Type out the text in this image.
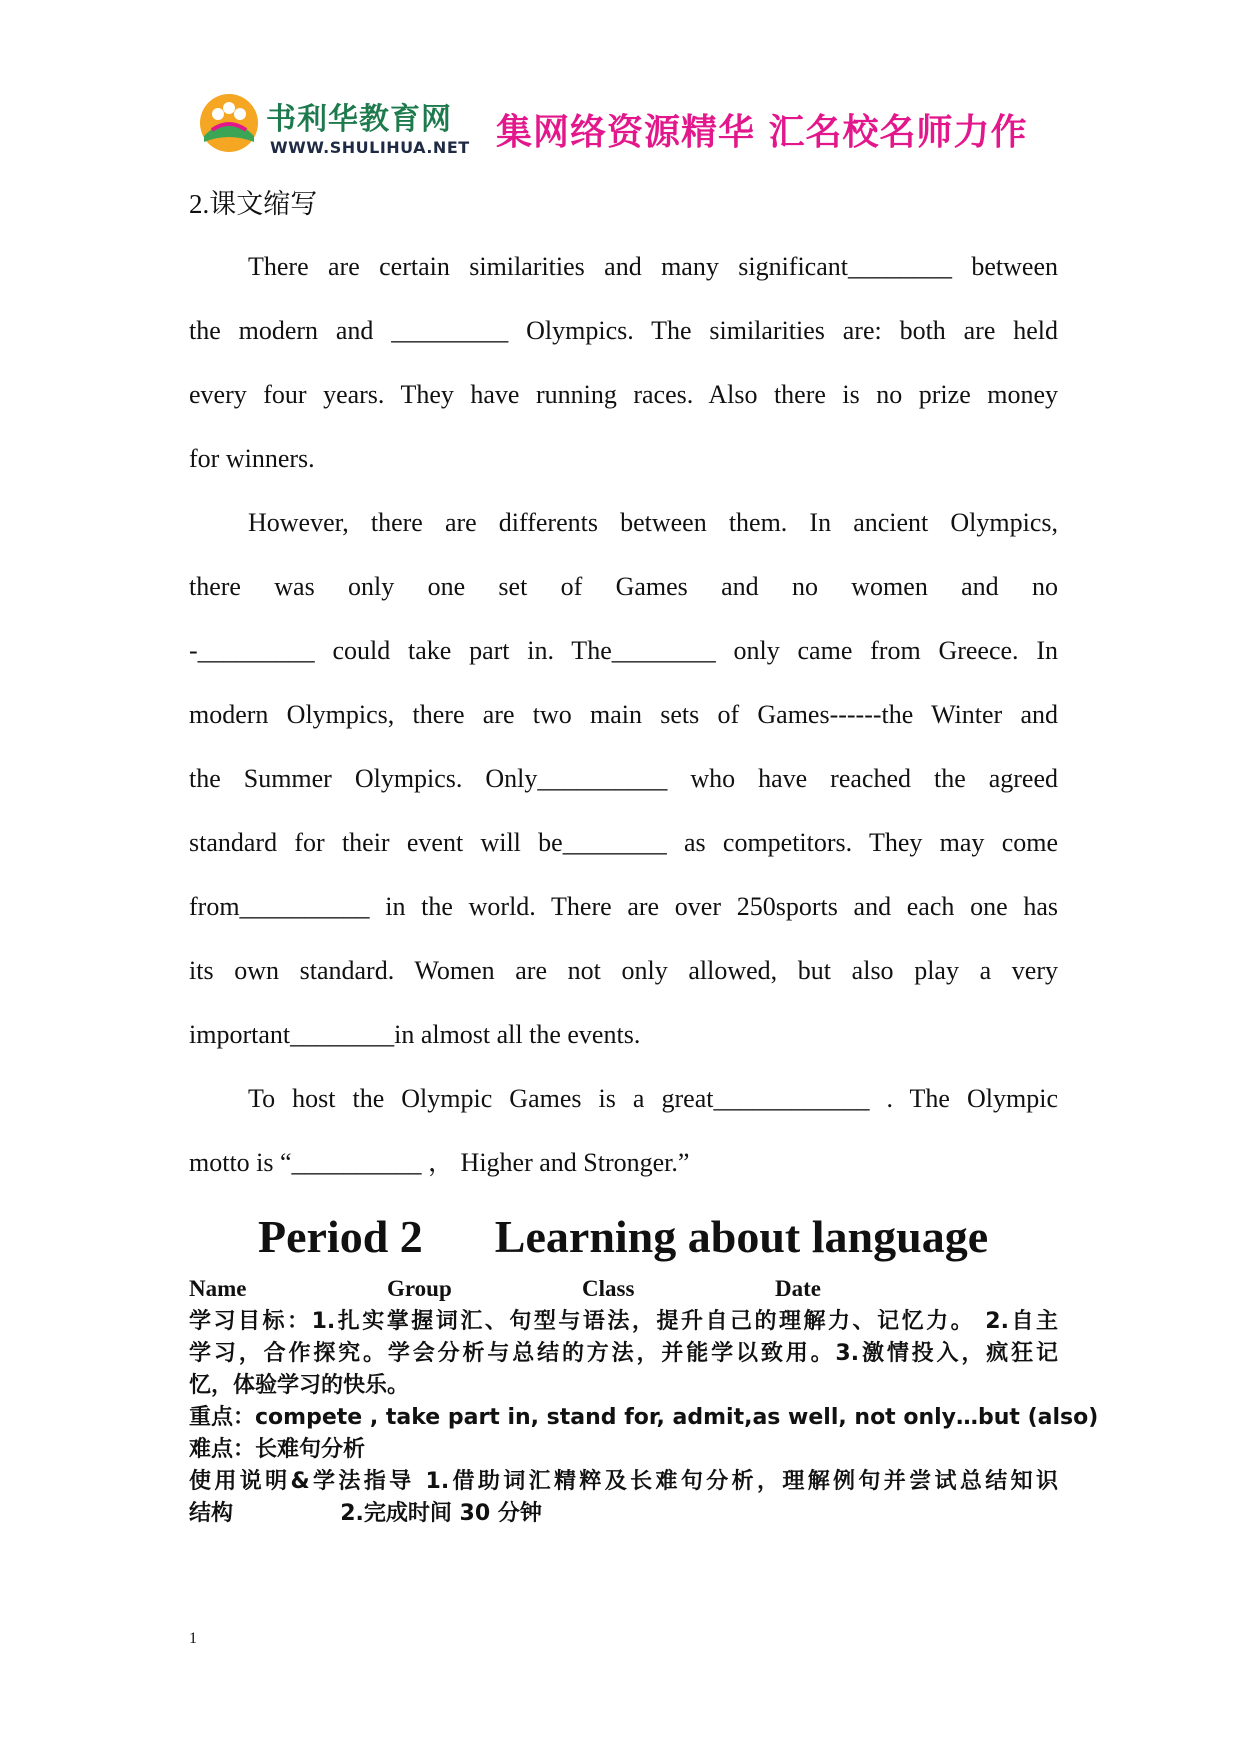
书利华教育网
WWW.SHULIHUA.NET 集网络资源精华 汇名校名师力作
2.课文缩写
There are certain similarities and many significant________ between
the modern and _________ Olympics. The similarities are: both are held
every four years. They have running races. Also there is no prize money
for winners.
However, there are differents between them. In ancient Olympics,
there was only one set of Games and no women and no
-_________ could take part in. The________ only came from Greece. In
modern Olympics, there are two main sets of Games------the Winter and
the Summer Olympics. Only__________ who have reached the agreed
standard for their event will be________ as competitors. They may come
from__________ in the world. There are over 250sports and each one has
its own standard. Women are not only allowed, but also play a very
important________in almost all the events.
To host the Olympic Games is a great____________ . The Olympic
motto is “__________ ， Higher and Stronger.”
Period 2 Learning about language
Name	Group	Class	Date
学习目标：1.扎实掌握词汇、句型与语法，提升自己的理解力、记忆力。 2.自主
学习，合作探究。学会分析与总结的方法，并能学以致用。3.激情投入，疯狂记
忆，体验学习的快乐。
重点：compete , take part in, stand for, admit,as well, not only…but (also)
难点：长难句分析
使用说明&学法指导 1.借助词汇精粹及长难句分析，理解例句并尝试总结知识
结构              2.完成时间 30 分钟
1
